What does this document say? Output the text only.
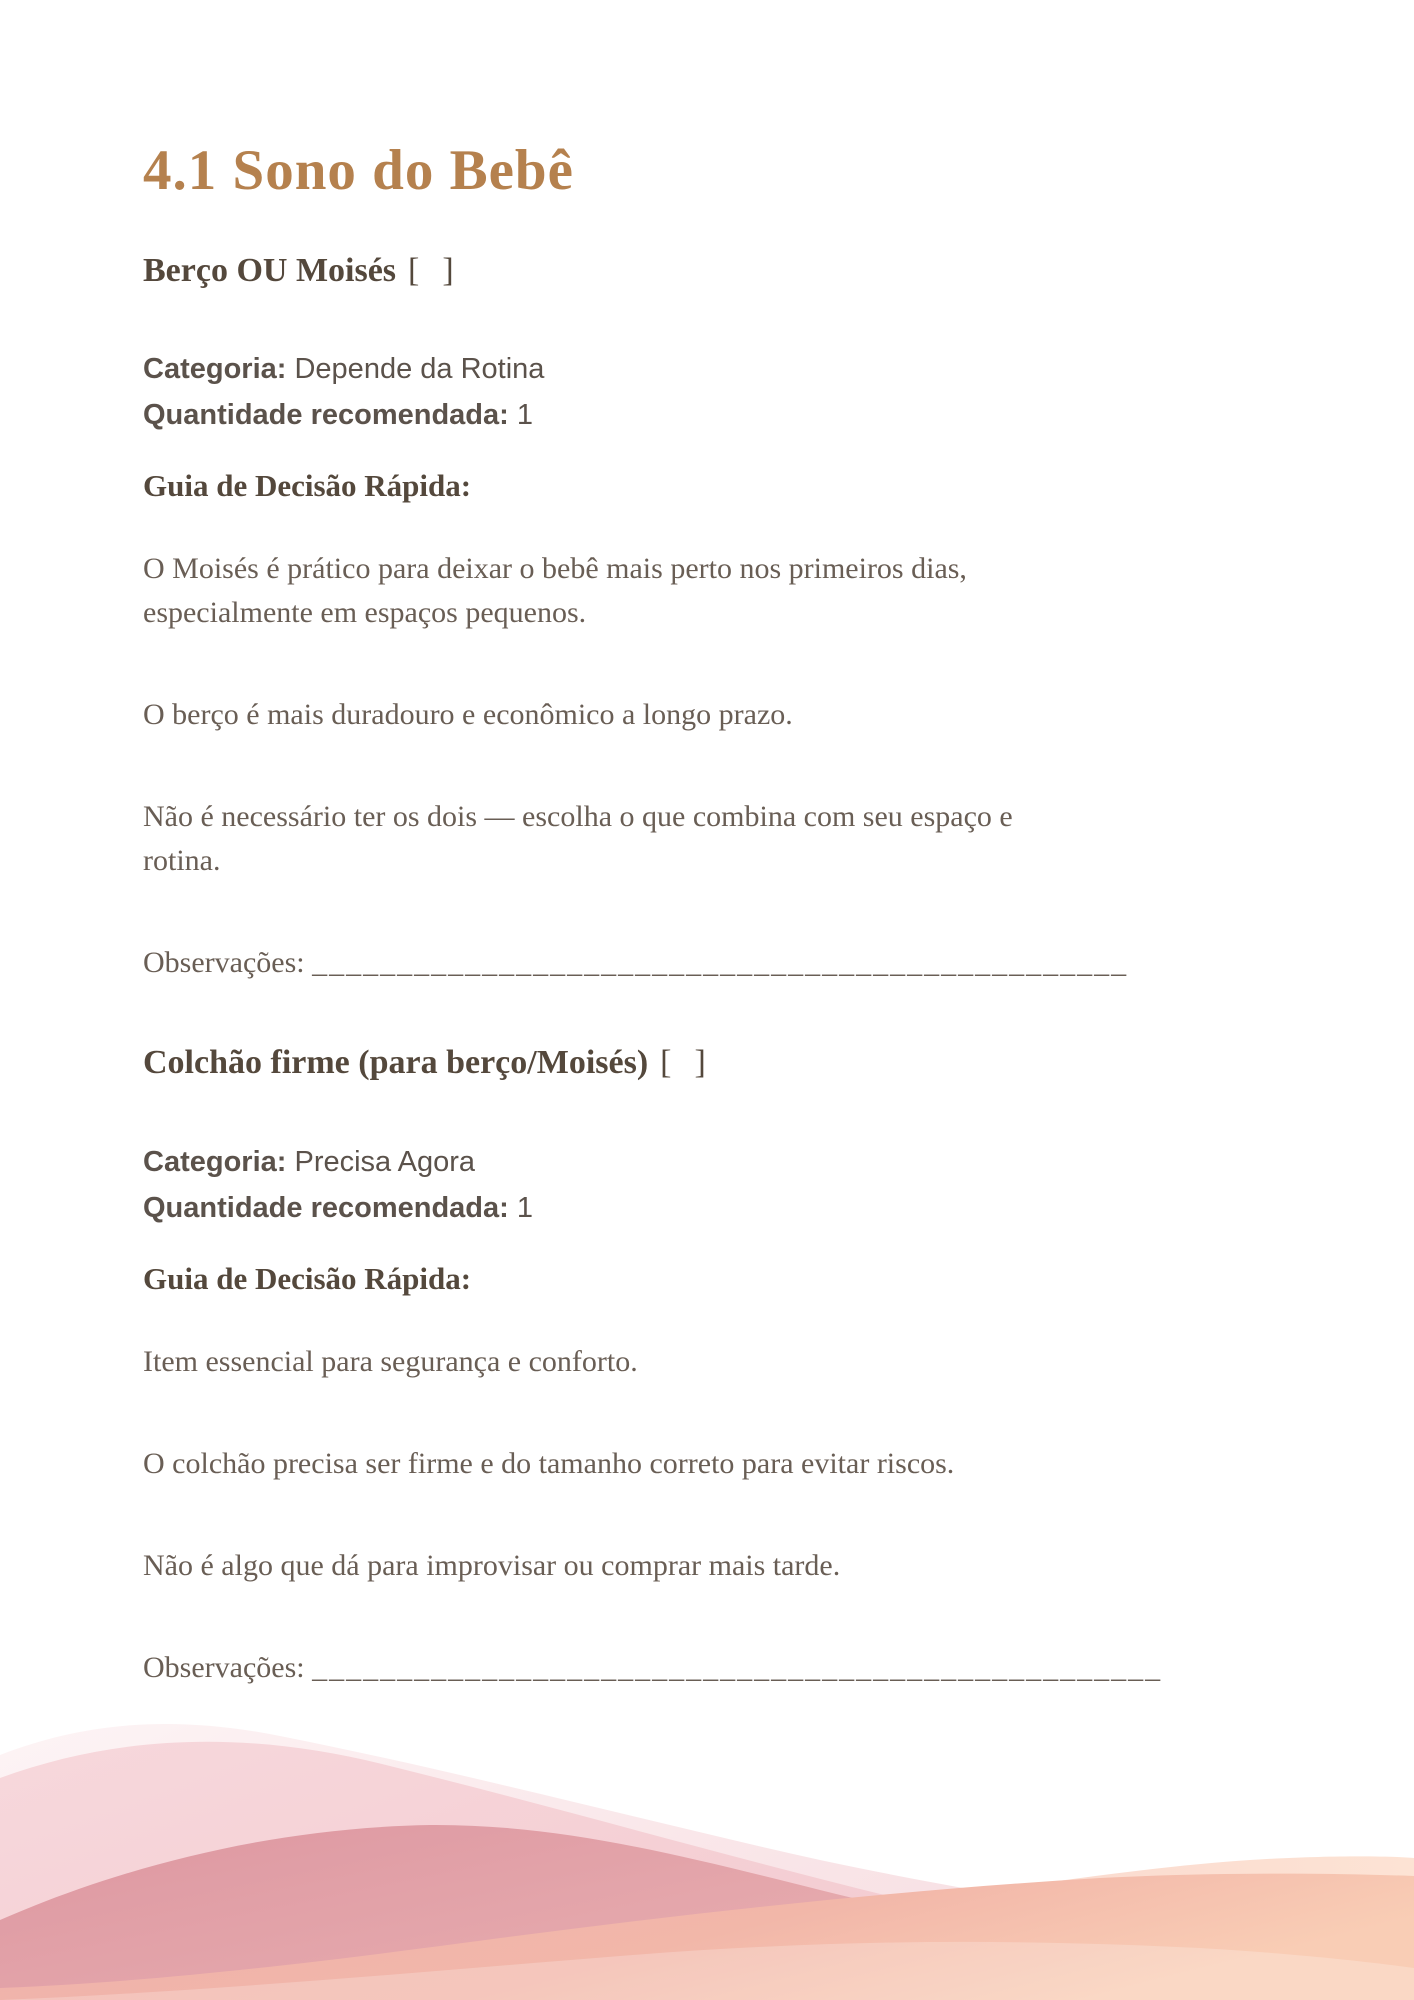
4.1 Sono do Bebê
Berço OU Moisés [  ]
Categoria: Depende da Rotina
Quantidade recomendada: 1
Guia de Decisão Rápida:

O Moisés é prático para deixar o bebê mais perto nos primeiros dias, especialmente em espaços pequenos.

O berço é mais duradouro e econômico a longo prazo.

Não é necessário ter os dois — escolha o que combina com seu espaço e rotina.

Observações: ________________________________________________

Colchão firme (para berço/Moisés) [  ]
Categoria: Precisa Agora
Quantidade recomendada: 1
Guia de Decisão Rápida:

Item essencial para segurança e conforto.

O colchão precisa ser firme e do tamanho correto para evitar riscos.

Não é algo que dá para improvisar ou comprar mais tarde.

Observações: __________________________________________________
